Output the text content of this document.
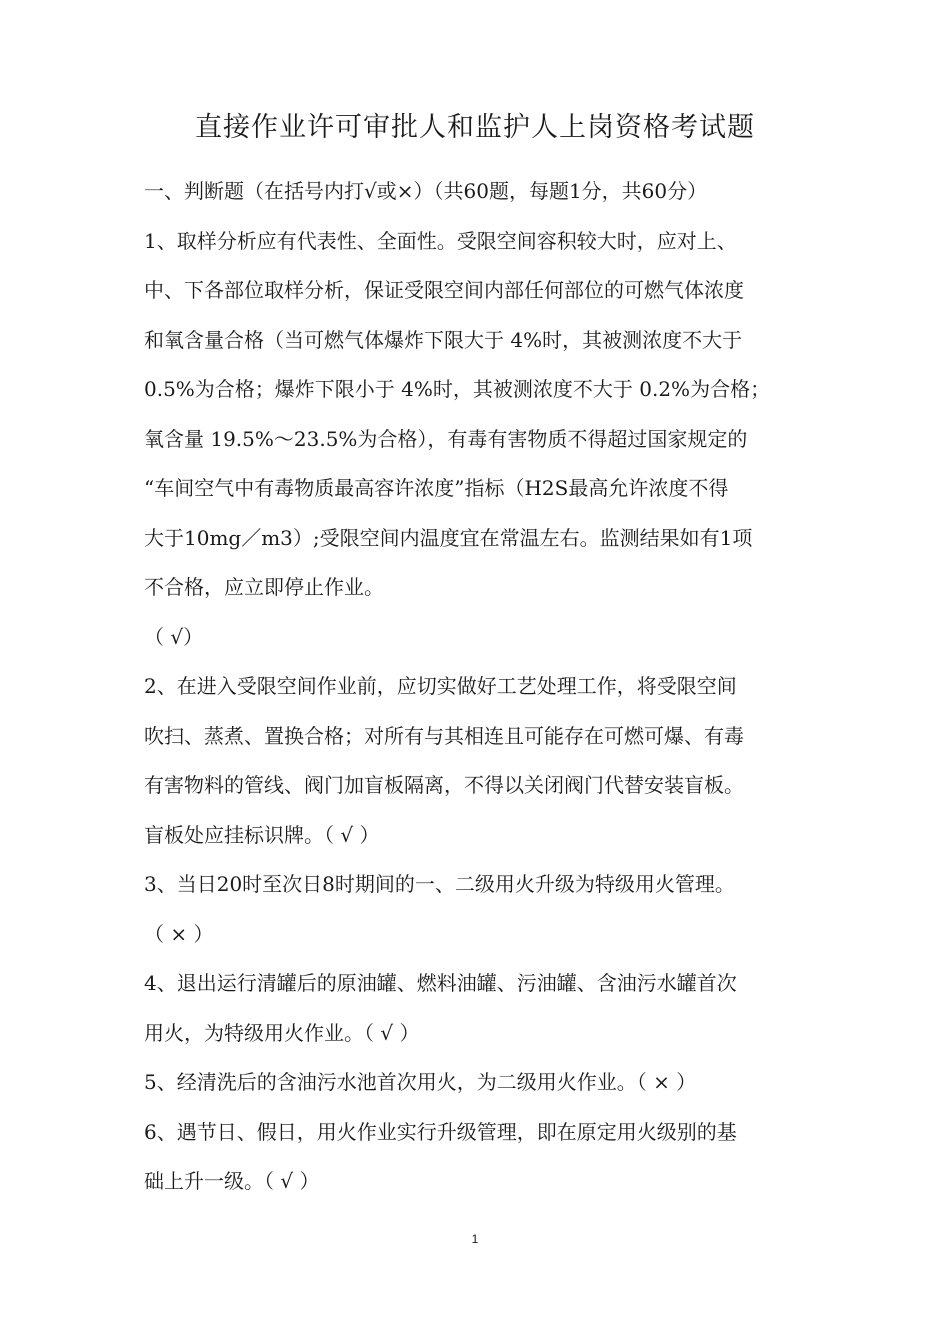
直接作业许可审批人和监护人上岗资格考试题
一、判断题（在括号内打√或×）（共60题，每题1分，共60分）
1、取样分析应有代表性、全面性。受限空间容积较大时，应对上、
中、下各部位取样分析，保证受限空间内部任何部位的可燃气体浓度
和氧含量合格（当可燃气体爆炸下限大于 4%时，其被测浓度不大于
0.5%为合格；爆炸下限小于 4%时，其被测浓度不大于 0.2%为合格；
氧含量 19.5%～23.5%为合格），有毒有害物质不得超过国家规定的
“车间空气中有毒物质最高容许浓度”指标（H2S最高允许浓度不得
大于10mg／m3）;受限空间内温度宜在常温左右。监测结果如有1项
不合格，应立即停止作业。
（ √）
2、在进入受限空间作业前，应切实做好工艺处理工作，将受限空间
吹扫、蒸煮、置换合格；对所有与其相连且可能存在可燃可爆、有毒
有害物料的管线、阀门加盲板隔离，不得以关闭阀门代替安装盲板。
盲板处应挂标识牌。（ √ ）
3、当日20时至次日8时期间的一、二级用火升级为特级用火管理。
（ × ）
4、退出运行清罐后的原油罐、燃料油罐、污油罐、含油污水罐首次
用火，为特级用火作业。（ √ ）
5、经清洗后的含油污水池首次用火，为二级用火作业。（ × ）
6、遇节日、假日，用火作业实行升级管理，即在原定用火级别的基
础上升一级。（ √ ）
1
